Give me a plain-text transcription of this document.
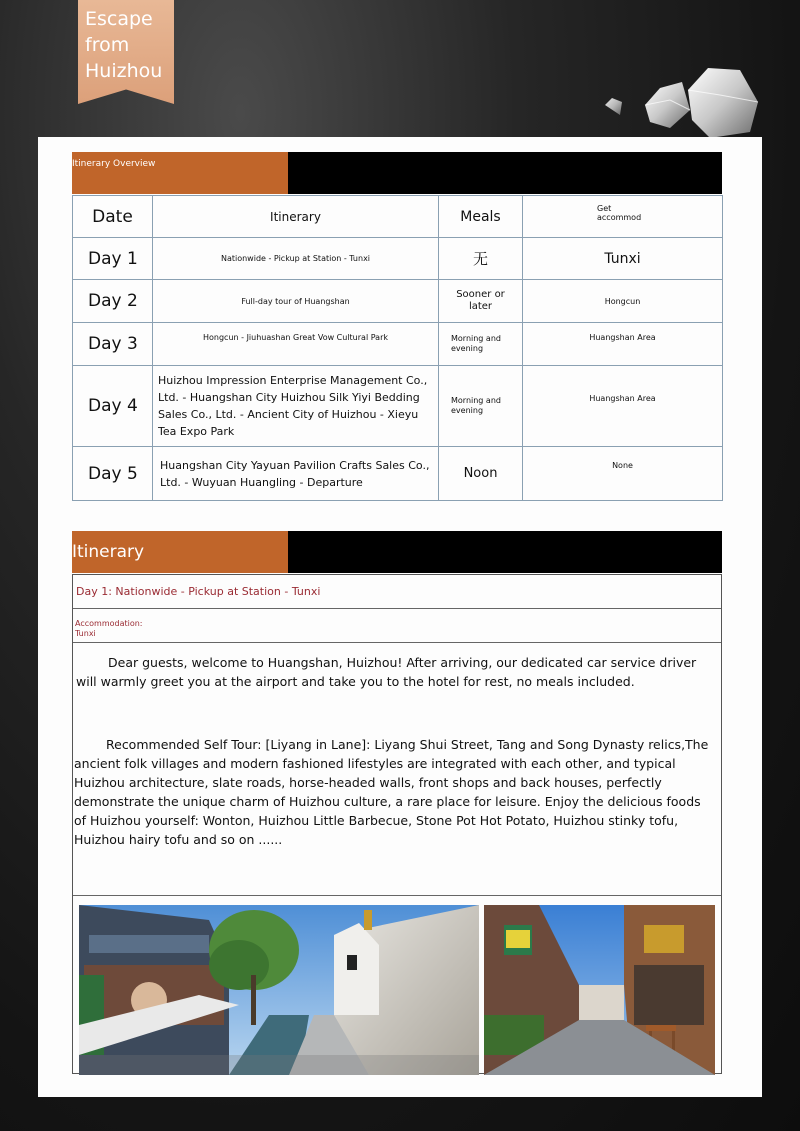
Escape
from
Huizhou
Itinerary Overview
Date	Itinerary	Meals	Get accommod

Day 1	Nationwide - Pickup at Station - Tunxi	无	Tunxi
Day 2	Full-day tour of Huangshan	Sooner or later	Hongcun
Day 3	Hongcun - Jiuhuashan Great Vow Cultural Park	Morning and evening	Huangshan Area
Day 4	Huizhou Impression Enterprise Management Co., Ltd. - Huangshan City Huizhou Silk Yiyi Bedding Sales Co., Ltd. - Ancient City of Huizhou - Xieyu Tea Expo Park	Morning and evening	Huangshan Area
Day 5	Huangshan City Yayuan Pavilion Crafts Sales Co., Ltd. - Wuyuan Huangling - Departure	Noon	None
Itinerary
Day 1: Nationwide - Pickup at Station - Tunxi
Accommodation:
Tunxi
Dear guests, welcome to Huangshan, Huizhou! After arriving, our dedicated car service driver will warmly greet you at the airport and take you to the hotel for rest, no meals included.
Recommended Self Tour: [Liyang in Lane]: Liyang Shui Street, Tang and Song Dynasty relics,The ancient folk villages and modern fashioned lifestyles are integrated with each other, and typical Huizhou architecture, slate roads, horse-headed walls, front shops and back houses, perfectly demonstrate the unique charm of Huizhou culture, a rare place for leisure. Enjoy the delicious foods of Huizhou yourself: Wonton, Huizhou Little Barbecue, Stone Pot Hot Potato, Huizhou stinky tofu, Huizhou hairy tofu and so on ......
